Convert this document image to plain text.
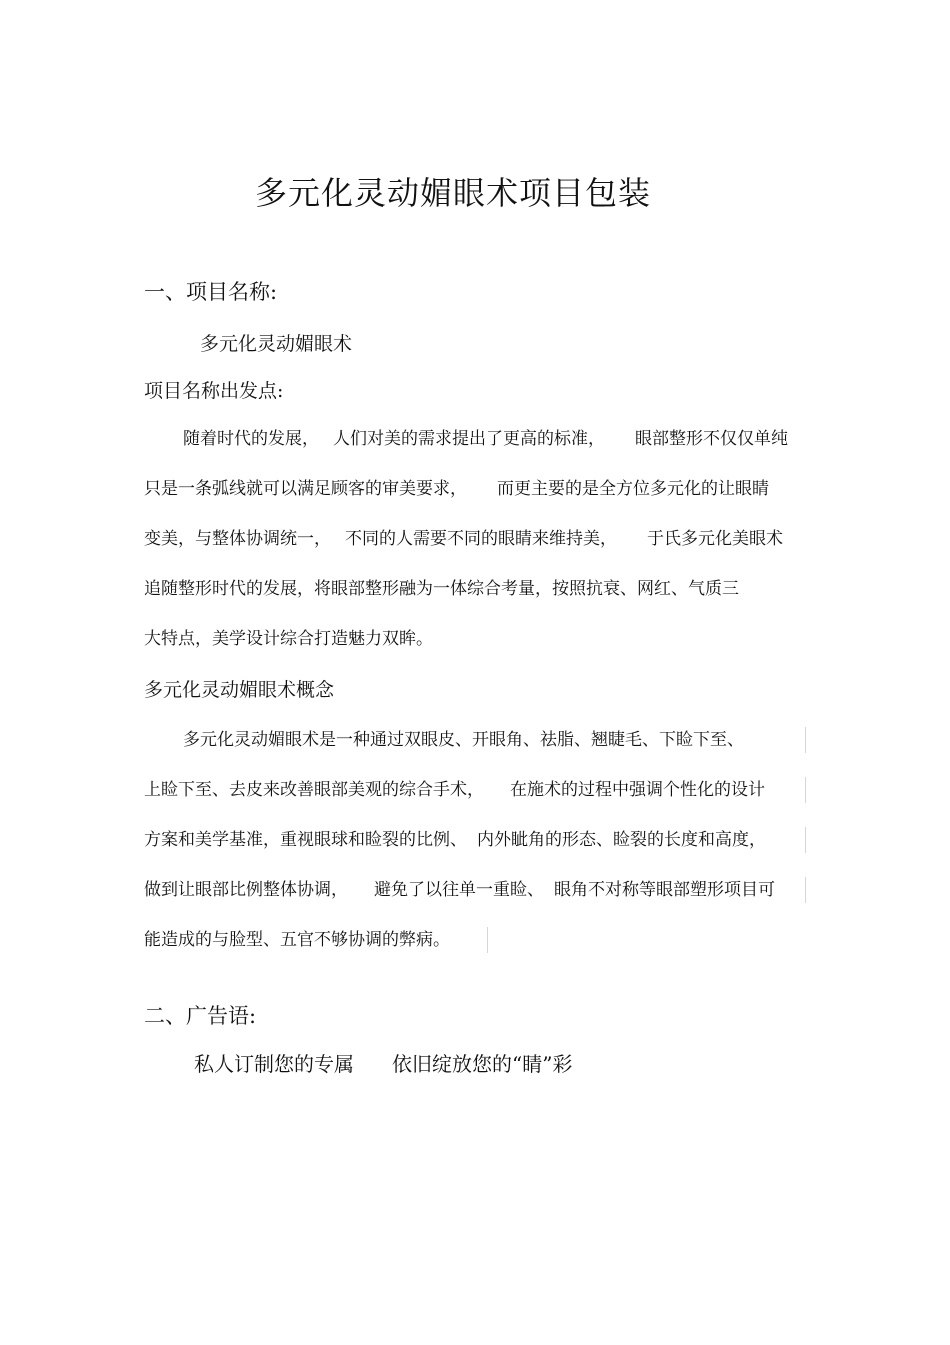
多元化灵动媚眼术项目包装
一、项目名称:
多元化灵动媚眼术
项目名称出发点:
随着时代的发展， 人们对美的需求提出了更高的标准， 眼部整形不仅仅单纯
只是一条弧线就可以满足顾客的审美要求， 而更主要的是全方位多元化的让眼睛
变美，与整体协调统一， 不同的人需要不同的眼睛来维持美， 于氏多元化美眼术
追随整形时代的发展，将眼部整形融为一体综合考量，按照抗衰、网红、气质三
大特点，美学设计综合打造魅力双眸。
多元化灵动媚眼术概念
多元化灵动媚眼术是一种通过双眼皮、开眼角、祛脂、翘睫毛、下睑下至、
上睑下至、去皮来改善眼部美观的综合手术， 在施术的过程中强调个性化的设计
方案和美学基准，重视眼球和睑裂的比例、 内外眦角的形态、睑裂的长度和高度，
做到让眼部比例整体协调， 避免了以往单一重睑、 眼角不对称等眼部塑形项目可
能造成的与脸型、五官不够协调的弊病。
二、广告语:
私人订制您的专属 依旧绽放您的“睛”彩
